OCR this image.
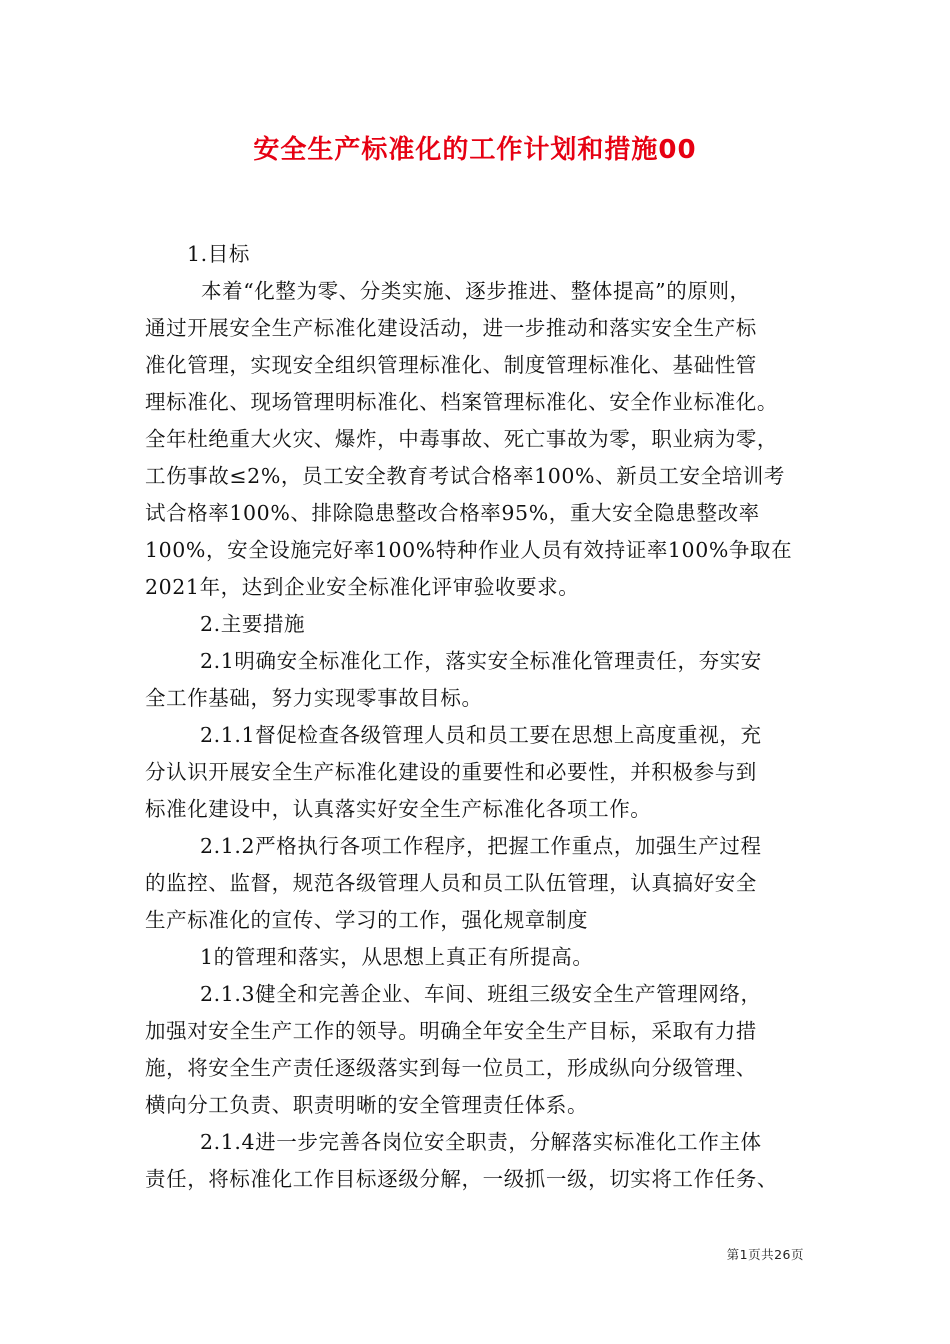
安全生产标准化的工作计划和措施00
1.目标
本着“化整为零、分类实施、逐步推进、整体提高”的原则，
通过开展安全生产标准化建设活动，进一步推动和落实安全生产标
准化管理，实现安全组织管理标准化、制度管理标准化、基础性管
理标准化、现场管理明标准化、档案管理标准化、安全作业标准化。
全年杜绝重大火灾、爆炸，中毒事故、死亡事故为零，职业病为零，
工伤事故≤2%，员工安全教育考试合格率100%、新员工安全培训考
试合格率100%、排除隐患整改合格率95%，重大安全隐患整改率
100%，安全设施完好率100%特种作业人员有效持证率100%争取在
2021年，达到企业安全标准化评审验收要求。
2.主要措施
2.1明确安全标准化工作，落实安全标准化管理责任，夯实安
全工作基础，努力实现零事故目标。
2.1.1督促检查各级管理人员和员工要在思想上高度重视，充
分认识开展安全生产标准化建设的重要性和必要性，并积极参与到
标准化建设中，认真落实好安全生产标准化各项工作。
2.1.2严格执行各项工作程序，把握工作重点，加强生产过程
的监控、监督，规范各级管理人员和员工队伍管理，认真搞好安全
生产标准化的宣传、学习的工作，强化规章制度
1的管理和落实，从思想上真正有所提高。
2.1.3健全和完善企业、车间、班组三级安全生产管理网络，
加强对安全生产工作的领导。明确全年安全生产目标，采取有力措
施，将安全生产责任逐级落实到每一位员工，形成纵向分级管理、
横向分工负责、职责明晰的安全管理责任体系。
2.1.4进一步完善各岗位安全职责，分解落实标准化工作主体
责任，将标准化工作目标逐级分解，一级抓一级，切实将工作任务、
第1页共26页
